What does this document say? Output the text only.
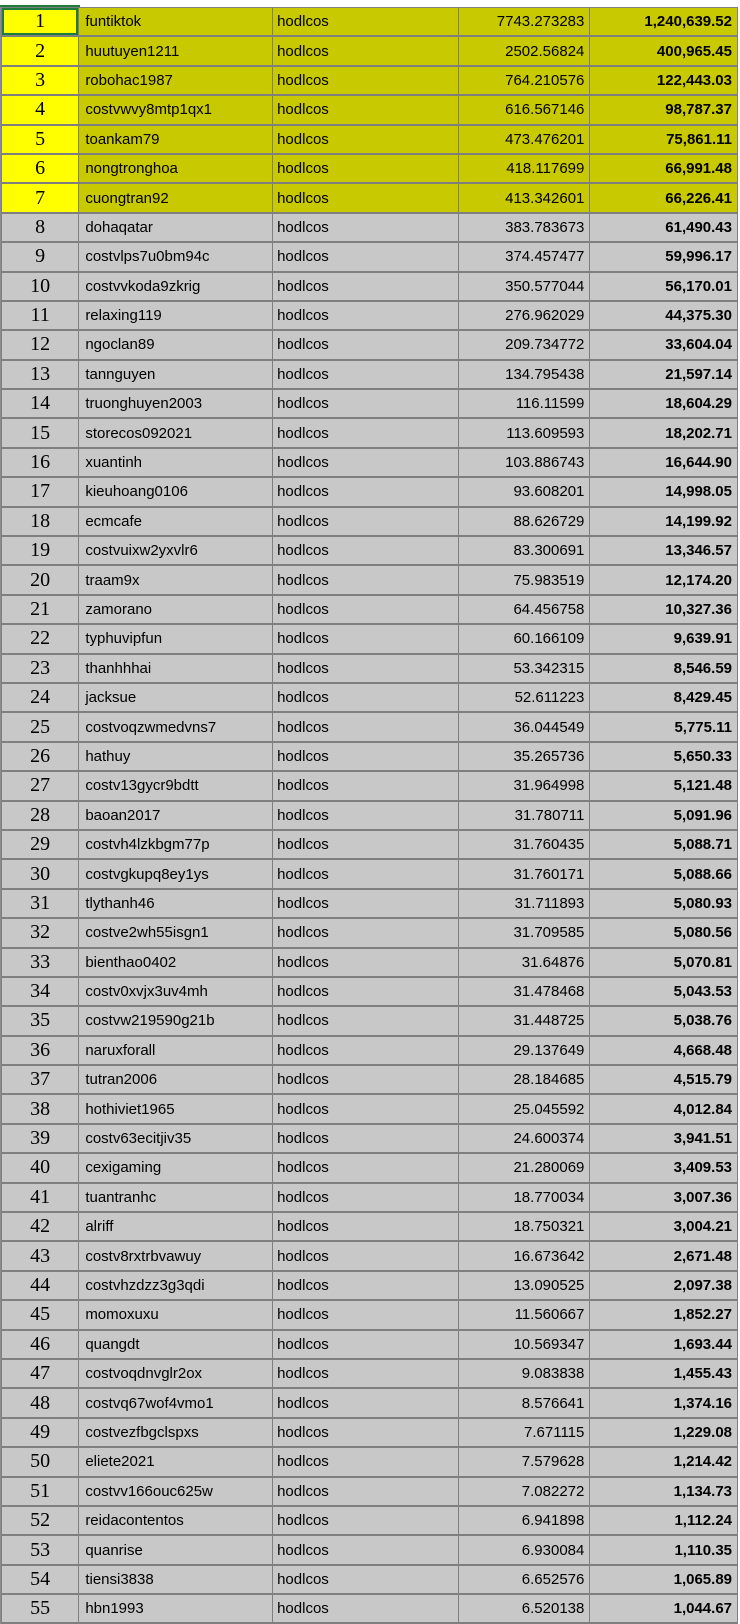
1	funtiktok	hodlcos	7743.273283	1,240,639.52
2	huutuyen1211	hodlcos	2502.56824	400,965.45
3	robohac1987	hodlcos	764.210576	122,443.03
4	costvwvy8mtp1qx1	hodlcos	616.567146	98,787.37
5	toankam79	hodlcos	473.476201	75,861.11
6	nongtronghoa	hodlcos	418.117699	66,991.48
7	cuongtran92	hodlcos	413.342601	66,226.41
8	dohaqatar	hodlcos	383.783673	61,490.43
9	costvlps7u0bm94c	hodlcos	374.457477	59,996.17
10	costvvkoda9zkrig	hodlcos	350.577044	56,170.01
11	relaxing119	hodlcos	276.962029	44,375.30
12	ngoclan89	hodlcos	209.734772	33,604.04
13	tannguyen	hodlcos	134.795438	21,597.14
14	truonghuyen2003	hodlcos	116.11599	18,604.29
15	storecos092021	hodlcos	113.609593	18,202.71
16	xuantinh	hodlcos	103.886743	16,644.90
17	kieuhoang0106	hodlcos	93.608201	14,998.05
18	ecmcafe	hodlcos	88.626729	14,199.92
19	costvuixw2yxvlr6	hodlcos	83.300691	13,346.57
20	traam9x	hodlcos	75.983519	12,174.20
21	zamorano	hodlcos	64.456758	10,327.36
22	typhuvipfun	hodlcos	60.166109	9,639.91
23	thanhhhai	hodlcos	53.342315	8,546.59
24	jacksue	hodlcos	52.611223	8,429.45
25	costvoqzwmedvns7	hodlcos	36.044549	5,775.11
26	hathuy	hodlcos	35.265736	5,650.33
27	costv13gycr9bdtt	hodlcos	31.964998	5,121.48
28	baoan2017	hodlcos	31.780711	5,091.96
29	costvh4lzkbgm77p	hodlcos	31.760435	5,088.71
30	costvgkupq8ey1ys	hodlcos	31.760171	5,088.66
31	tlythanh46	hodlcos	31.711893	5,080.93
32	costve2wh55isgn1	hodlcos	31.709585	5,080.56
33	bienthao0402	hodlcos	31.64876	5,070.81
34	costv0xvjx3uv4mh	hodlcos	31.478468	5,043.53
35	costvw219590g21b	hodlcos	31.448725	5,038.76
36	naruxforall	hodlcos	29.137649	4,668.48
37	tutran2006	hodlcos	28.184685	4,515.79
38	hothiviet1965	hodlcos	25.045592	4,012.84
39	costv63ecitjiv35	hodlcos	24.600374	3,941.51
40	cexigaming	hodlcos	21.280069	3,409.53
41	tuantranhc	hodlcos	18.770034	3,007.36
42	alriff	hodlcos	18.750321	3,004.21
43	costv8rxtrbvawuy	hodlcos	16.673642	2,671.48
44	costvhzdzz3g3qdi	hodlcos	13.090525	2,097.38
45	momoxuxu	hodlcos	11.560667	1,852.27
46	quangdt	hodlcos	10.569347	1,693.44
47	costvoqdnvglr2ox	hodlcos	9.083838	1,455.43
48	costvq67wof4vmo1	hodlcos	8.576641	1,374.16
49	costvezfbgclspxs	hodlcos	7.671115	1,229.08
50	eliete2021	hodlcos	7.579628	1,214.42
51	costvv166ouc625w	hodlcos	7.082272	1,134.73
52	reidacontentos	hodlcos	6.941898	1,112.24
53	quanrise	hodlcos	6.930084	1,110.35
54	tiensi3838	hodlcos	6.652576	1,065.89
55	hbn1993	hodlcos	6.520138	1,044.67
